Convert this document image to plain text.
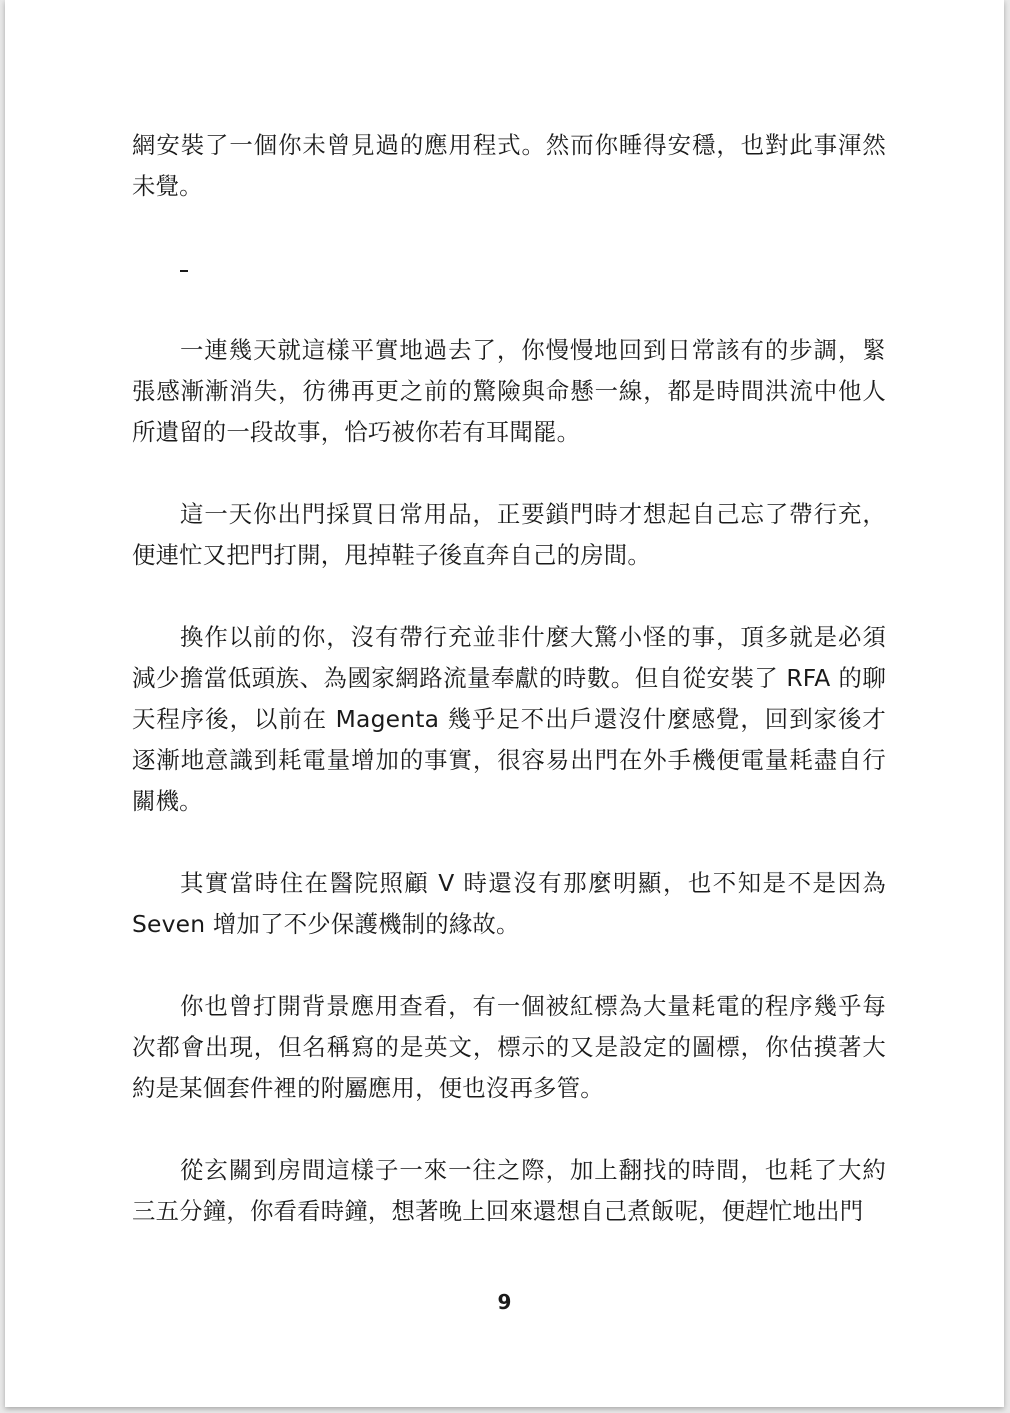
網安裝了一個你未曾見過的應用程式。然而你睡得安穩，也對此事渾然未覺。

一連幾天就這樣平實地過去了，你慢慢地回到日常該有的步調，緊張感漸漸消失，彷彿再更之前的驚險與命懸一線，都是時間洪流中他人所遺留的一段故事，恰巧被你若有耳聞罷。

這一天你出門採買日常用品，正要鎖門時才想起自己忘了帶行充，便連忙又把門打開，甩掉鞋子後直奔自己的房間。

換作以前的你，沒有帶行充並非什麼大驚小怪的事，頂多就是必須減少擔當低頭族、為國家網路流量奉獻的時數。但自從安裝了 RFA 的聊天程序後，以前在 Magenta 幾乎足不出戶還沒什麼感覺，回到家後才逐漸地意識到耗電量增加的事實，很容易出門在外手機便電量耗盡自行關機。

其實當時住在醫院照顧 V 時還沒有那麼明顯，也不知是不是因為 Seven 增加了不少保護機制的緣故。

你也曾打開背景應用查看，有一個被紅標為大量耗電的程序幾乎每次都會出現，但名稱寫的是英文，標示的又是設定的圖標，你估摸著大約是某個套件裡的附屬應用，便也沒再多管。

從玄關到房間這樣子一來一往之際，加上翻找的時間，也耗了大約三五分鐘，你看看時鐘，想著晚上回來還想自己煮飯呢，便趕忙地出門

9
